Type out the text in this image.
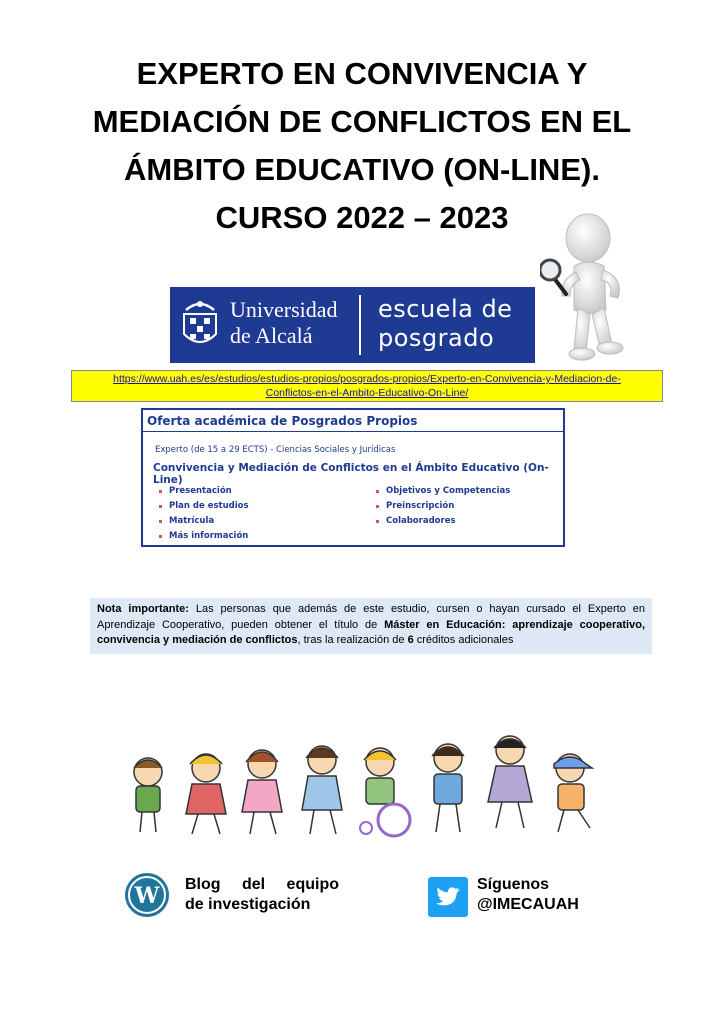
EXPERTO EN CONVIVENCIA Y
MEDIACIÓN DE CONFLICTOS EN EL
ÁMBITO EDUCATIVO (ON-LINE).
CURSO 2022 – 2023
Universidad
de Alcalá
escuela de
posgrado
https://www.uah.es/es/estudios/estudios-propios/posgrados-propios/Experto-en-Convivencia-y-Mediacion-de-
Conflictos-en-el-Ambito-Educativo-On-Line/
Oferta académica de Posgrados Propios
Experto (de 15 a 29 ECTS) - Ciencias Sociales y Jurídicas
Convivencia y Mediación de Conflictos en el Ámbito Educativo (On-Line)
Presentación
Plan de estudios
Matrícula
Más información
Objetivos y Competencias
Preinscripción
Colaboradores
Nota importante: Las personas que además de este estudio, cursen o hayan cursado el Experto en Aprendizaje Cooperativo, pueden obtener el título de Máster en Educación: aprendizaje cooperativo, convivencia y mediación de conflictos, tras la realización de 6 créditos adicionales
W Blog del equipo
de investigación
Síguenos
@IMECAUAH
